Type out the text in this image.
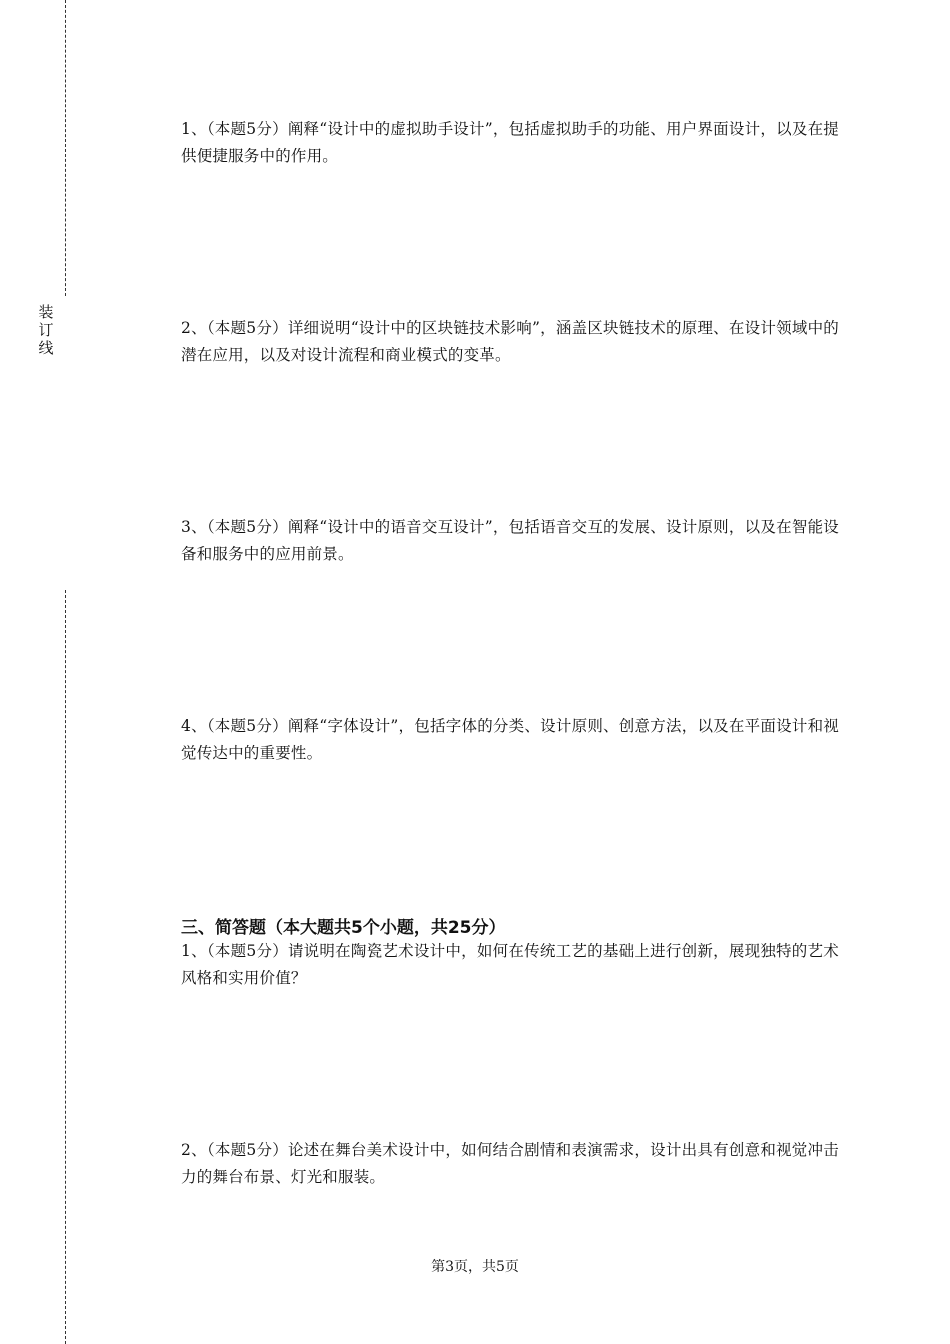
装
订
线
1、（本题5分）阐释“设计中的虚拟助手设计”，包括虚拟助手的功能、用户界面设计，以及在提供便捷服务中的作用。
2、（本题5分）详细说明“设计中的区块链技术影响”，涵盖区块链技术的原理、在设计领域中的潜在应用，以及对设计流程和商业模式的变革。
3、（本题5分）阐释“设计中的语音交互设计”，包括语音交互的发展、设计原则，以及在智能设备和服务中的应用前景。
4、（本题5分）阐释“字体设计”，包括字体的分类、设计原则、创意方法，以及在平面设计和视觉传达中的重要性。
三、简答题（本大题共5个小题，共25分）
1、（本题5分）请说明在陶瓷艺术设计中，如何在传统工艺的基础上进行创新，展现独特的艺术风格和实用价值？
2、（本题5分）论述在舞台美术设计中，如何结合剧情和表演需求，设计出具有创意和视觉冲击力的舞台布景、灯光和服装。
第3页，共5页
